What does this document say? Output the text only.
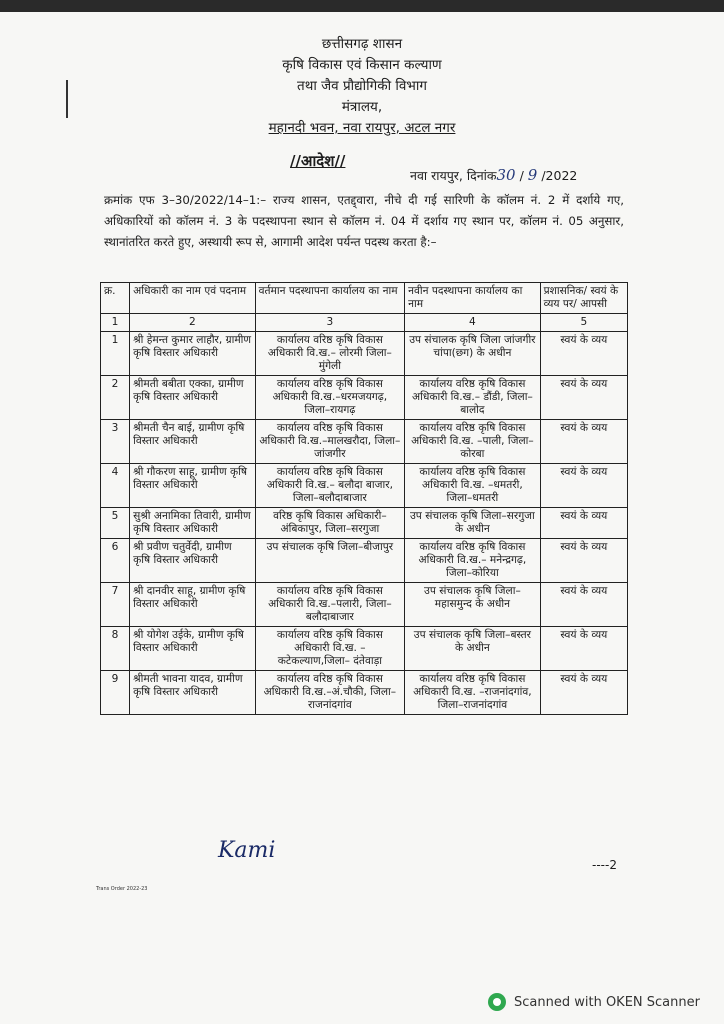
छत्तीसगढ़ शासन
कृषि विकास एवं किसान कल्याण
तथा जैव प्रौद्योगिकी विभाग
मंत्रालय,
महानदी भवन, नवा रायपुर, अटल नगर
//आदेश//
नवा रायपुर, दिनांक30 / 9 /2022
क्रमांक एफ 3–30/2022/14–1:– राज्य शासन, एतद्द्वारा, नीचे दी गई सारिणी के कॉलम नं. 2 में दर्शाये गए, अधिकारियों को कॉलम नं. 3 के पदस्थापना स्थान से कॉलम नं. 04 में दर्शाय गए स्थान पर, कॉलम नं. 05 अनुसार, स्थानांतरित करते हुए, अस्थायी रूप से, आगामी आदेश पर्यन्त पदस्थ करता है:–
क्र.	अधिकारी का नाम एवं पदनाम	वर्तमान पदस्थापना कार्यालय का नाम	नवीन पदस्थापना कार्यालय का नाम	प्रशासनिक/ स्वयं के व्यय पर/ आपसी
1	2	3	4	5
1	श्री हेमन्त कुमार लाहौर, ग्रामीण कृषि विस्तार अधिकारी	कार्यालय वरिष्ठ कृषि विकास अधिकारी वि.ख.– लोरमी जिला– मुंगेली	उप संचालक कृषि जिला जांजगीर चांपा(छग) के अधीन	स्वयं के व्यय
2	श्रीमती बबीता एक्का, ग्रामीण कृषि विस्तार अधिकारी	कार्यालय वरिष्ठ कृषि विकास अधिकारी वि.ख.–धरमजयगढ़, जिला–रायगढ़	कार्यालय वरिष्ठ कृषि विकास अधिकारी वि.ख.– डौंडी, जिला– बालोद	स्वयं के व्यय
3	श्रीमती चैन बाई, ग्रामीण कृषि विस्तार अधिकारी	कार्यालय वरिष्ठ कृषि विकास अधिकारी वि.ख.–मालखरौदा, जिला–जांजगीर	कार्यालय वरिष्ठ कृषि विकास अधिकारी वि.ख. –पाली, जिला–कोरबा	स्वयं के व्यय
4	श्री गौकरण साहू, ग्रामीण कृषि विस्तार अधिकारी	कार्यालय वरिष्ठ कृषि विकास अधिकारी वि.ख.– बलौदा बाजार, जिला–बलौदाबाजार	कार्यालय वरिष्ठ कृषि विकास अधिकारी वि.ख. –धमतरी, जिला–धमतरी	स्वयं के व्यय
5	सुश्री अनामिका तिवारी, ग्रामीण कृषि विस्तार अधिकारी	वरिष्ठ कृषि विकास अधिकारी–अंबिकापुर, जिला–सरगुजा	उप संचालक कृषि जिला–सरगुजा के अधीन	स्वयं के व्यय
6	श्री प्रवीण चतुर्वेदी, ग्रामीण कृषि विस्तार अधिकारी	उप संचालक कृषि जिला–बीजापुर	कार्यालय वरिष्ठ कृषि विकास अधिकारी वि.ख.– मनेन्द्रगढ़, जिला–कोरिया	स्वयं के व्यय
7	श्री दानवीर साहू, ग्रामीण कृषि विस्तार अधिकारी	कार्यालय वरिष्ठ कृषि विकास अधिकारी वि.ख.–पलारी, जिला–बलौदाबाजार	उप संचालक कृषि जिला– महासमुन्द के अधीन	स्वयं के व्यय
8	श्री योगेश उईके, ग्रामीण कृषि विस्तार अधिकारी	कार्यालय वरिष्ठ कृषि विकास अधिकारी वि.ख. –कटेकल्याण,जिला– दंतेवाड़ा	उप संचालक कृषि जिला–बस्तर के अधीन	स्वयं के व्यय
9	श्रीमती भावना यादव, ग्रामीण कृषि विस्तार अधिकारी	कार्यालय वरिष्ठ कृषि विकास अधिकारी वि.ख.–अं.चौकी, जिला– राजनांदगांव	कार्यालय वरिष्ठ कृषि विकास अधिकारी वि.ख. –राजनांदगांव, जिला–राजनांदगांव	स्वयं के व्यय
Kami
----2
Trans Order 2022-23
Scanned with OKEN Scanner
